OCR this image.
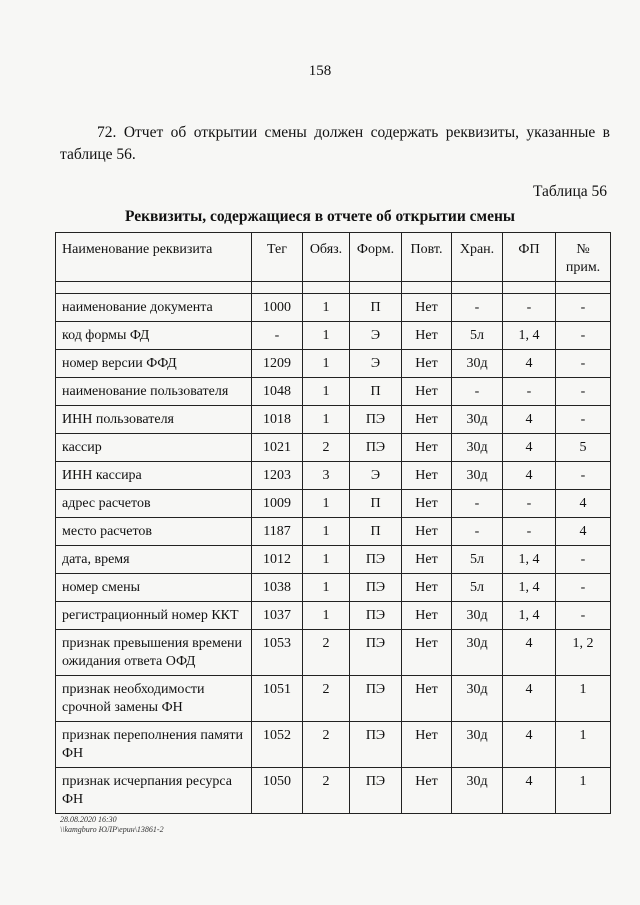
158
72. Отчет об открытии смены должен содержать реквизиты, указанные в таблице 56.
Таблица 56
Реквизиты, содержащиеся в отчете об открытии смены
Наименование реквизита	Тег	Обяз.	Форм.	Повт.	Хран.	ФП	№ прим.

наименование документа	1000	1	П	Нет	-	-	-
код формы ФД	-	1	Э	Нет	5л	1, 4	-
номер версии ФФД	1209	1	Э	Нет	30д	4	-
наименование пользователя	1048	1	П	Нет	-	-	-
ИНН пользователя	1018	1	ПЭ	Нет	30д	4	-
кассир	1021	2	ПЭ	Нет	30д	4	5
ИНН кассира	1203	3	Э	Нет	30д	4	-
адрес расчетов	1009	1	П	Нет	-	-	4
место расчетов	1187	1	П	Нет	-	-	4
дата, время	1012	1	ПЭ	Нет	5л	1, 4	-
номер смены	1038	1	ПЭ	Нет	5л	1, 4	-
регистрационный номер ККТ	1037	1	ПЭ	Нет	30д	1, 4	-
признак превышения времени ожидания ответа ОФД	1053	2	ПЭ	Нет	30д	4	1, 2
признак необходимости срочной замены ФН	1051	2	ПЭ	Нет	30д	4	1
признак переполнения памяти ФН	1052	2	ПЭ	Нет	30д	4	1
признак исчерпания ресурса ФН	1050	2	ПЭ	Нет	30д	4	1
28.08.2020 16:30
\\kamgburo ЮЛР\ерин\13861-2
